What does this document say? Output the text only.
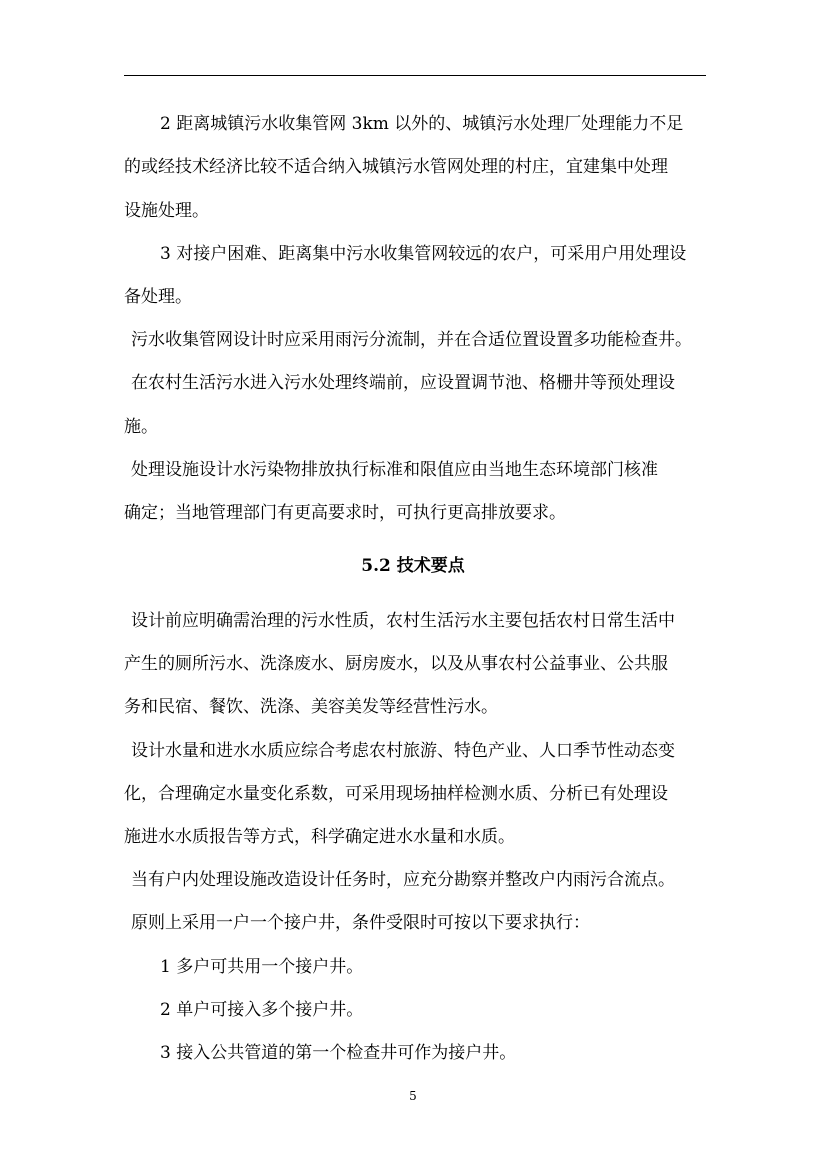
2 距离城镇污水收集管网 3km 以外的、城镇污水处理厂处理能力不足
的或经技术经济比较不适合纳入城镇污水管网处理的村庄，宜建集中处理
设施处理。
3 对接户困难、距离集中污水收集管网较远的农户，可采用户用处理设
备处理。
污水收集管网设计时应采用雨污分流制，并在合适位置设置多功能检查井。
在农村生活污水进入污水处理终端前，应设置调节池、格栅井等预处理设
施。
处理设施设计水污染物排放执行标准和限值应由当地生态环境部门核准
确定；当地管理部门有更高要求时，可执行更高排放要求。
5.2 技术要点
设计前应明确需治理的污水性质，农村生活污水主要包括农村日常生活中
产生的厕所污水、洗涤废水、厨房废水，以及从事农村公益事业、公共服
务和民宿、餐饮、洗涤、美容美发等经营性污水。
设计水量和进水水质应综合考虑农村旅游、特色产业、人口季节性动态变
化，合理确定水量变化系数，可采用现场抽样检测水质、分析已有处理设
施进水水质报告等方式，科学确定进水水量和水质。
当有户内处理设施改造设计任务时，应充分勘察并整改户内雨污合流点。
原则上采用一户一个接户井，条件受限时可按以下要求执行：
1 多户可共用一个接户井。
2 单户可接入多个接户井。
3 接入公共管道的第一个检查井可作为接户井。
5
